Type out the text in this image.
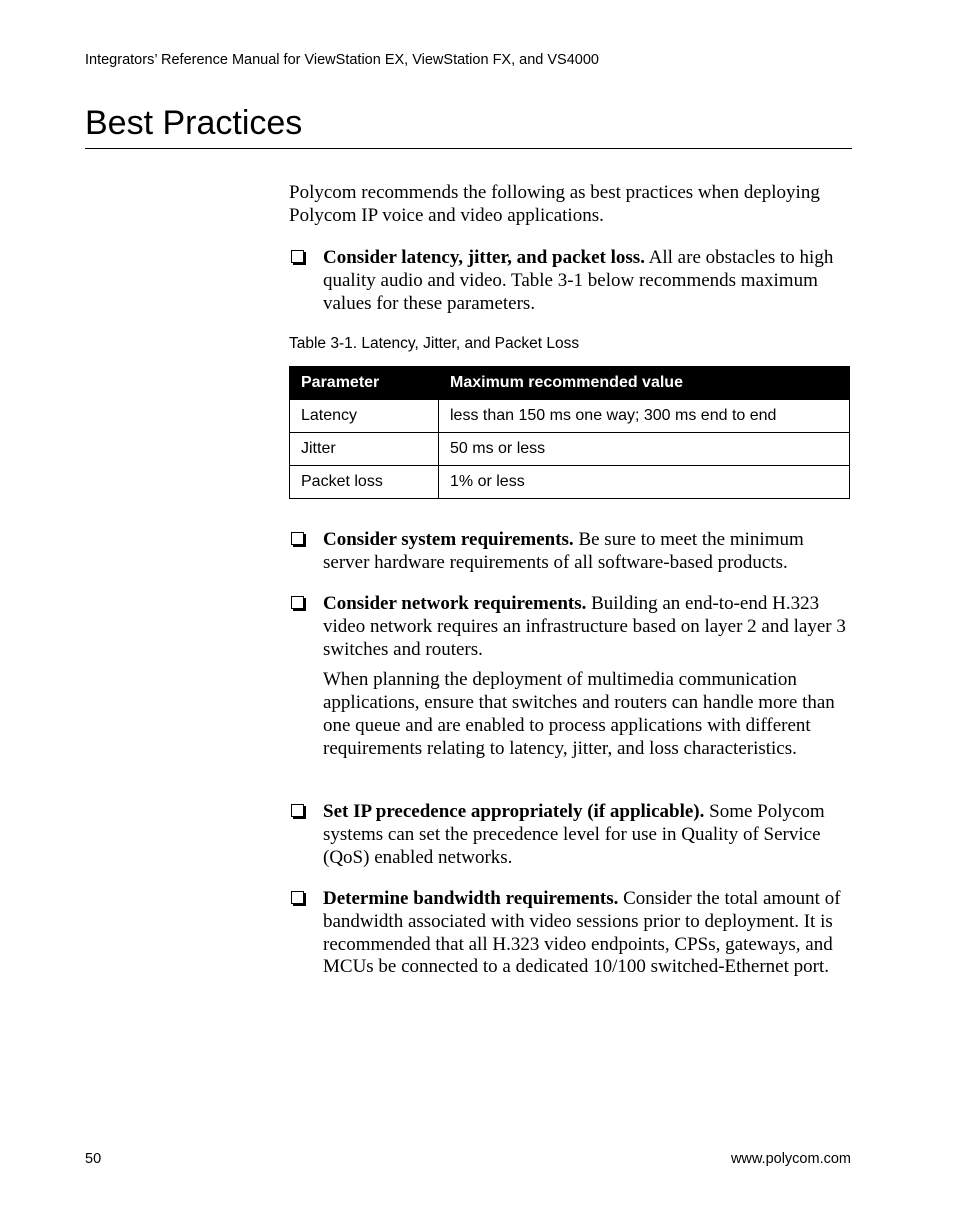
Integrators’ Reference Manual for ViewStation EX, ViewStation FX, and VS4000
Best Practices

Polycom recommends the following as best practices when deploying Polycom IP voice and video applications.

Consider latency, jitter, and packet loss. All are obstacles to high quality audio and video. Table 3-1 below recommends maximum values for these parameters.

Table 3-1. Latency, Jitter, and Packet Loss
Parameter	Maximum recommended value
Latency	less than 150 ms one way; 300 ms end to end
Jitter	50 ms or less
Packet loss	1% or less

Consider system requirements. Be sure to meet the minimum server hardware requirements of all software-based products.

Consider network requirements. Building an end-to-end H.323 video network requires an infrastructure based on layer 2 and layer 3 switches and routers.

When planning the deployment of multimedia communication applications, ensure that switches and routers can handle more than one queue and are enabled to process applications with different requirements relating to latency, jitter, and loss characteristics.

Set IP precedence appropriately (if applicable). Some Polycom systems can set the precedence level for use in Quality of Service (QoS) enabled networks.

Determine bandwidth requirements. Consider the total amount of bandwidth associated with video sessions prior to deployment. It is recommended that all H.323 video endpoints, CPSs, gateways, and MCUs be connected to a dedicated 10/100 switched-Ethernet port.

50	www.polycom.com
